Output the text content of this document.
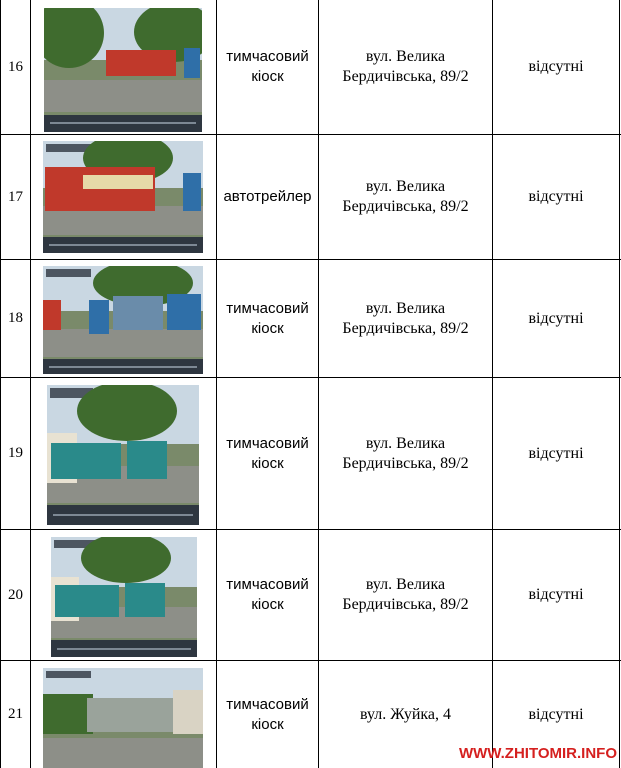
16
тимчасовий
кіоск
вул. Велика
Бердичівська, 89/2
відсутні
17	автотрейлер
вул. Велика
Бердичівська, 89/2
відсутні
18
тимчасовий
кіоск
вул. Велика
Бердичівська, 89/2
відсутні
19
тимчасовий
кіоск
вул. Велика
Бердичівська, 89/2
відсутні
20
тимчасовий
кіоск
вул. Велика
Бердичівська, 89/2
відсутні
21
тимчасовий
кіоск
вул. Жуйка, 4	відсутні
WWW.ZHITOMIR.INFO
